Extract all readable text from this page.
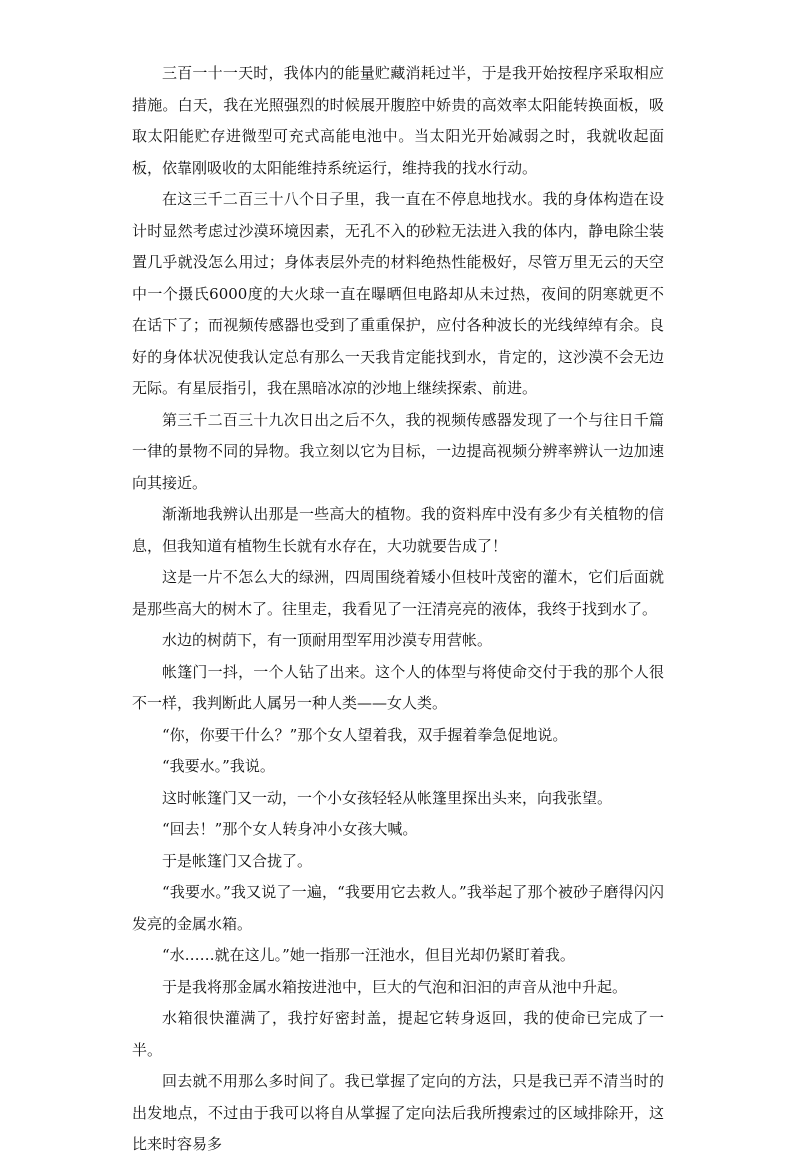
三百一十一天时，我体内的能量贮藏消耗过半，于是我开始按程序采取相应措施。白天，我在光照强烈的时候展开腹腔中娇贵的高效率太阳能转换面板，吸取太阳能贮存进微型可充式高能电池中。当太阳光开始减弱之时，我就收起面板，依靠刚吸收的太阳能维持系统运行，维持我的找水行动。

在这三千二百三十八个日子里，我一直在不停息地找水。我的身体构造在设计时显然考虑过沙漠环境因素，无孔不入的砂粒无法进入我的体内，静电除尘装置几乎就没怎么用过；身体表层外壳的材料绝热性能极好，尽管万里无云的天空中一个摄氏6000度的大火球一直在曝晒但电路却从未过热，夜间的阴寒就更不在话下了；而视频传感器也受到了重重保护，应付各种波长的光线绰绰有余。良好的身体状况使我认定总有那么一天我肯定能找到水，肯定的，这沙漠不会无边无际。有星辰指引，我在黑暗冰凉的沙地上继续探索、前进。

第三千二百三十九次日出之后不久，我的视频传感器发现了一个与往日千篇一律的景物不同的异物。我立刻以它为目标，一边提高视频分辨率辨认一边加速向其接近。

渐渐地我辨认出那是一些高大的植物。我的资料库中没有多少有关植物的信息，但我知道有植物生长就有水存在，大功就要告成了！

这是一片不怎么大的绿洲，四周围绕着矮小但枝叶茂密的灌木，它们后面就是那些高大的树木了。往里走，我看见了一汪清亮亮的液体，我终于找到水了。

水边的树荫下，有一顶耐用型军用沙漠专用营帐。

帐篷门一抖，一个人钻了出来。这个人的体型与将使命交付于我的那个人很不一样，我判断此人属另一种人类——女人类。

“你，你要干什么？”那个女人望着我，双手握着拳急促地说。

“我要水。”我说。

这时帐篷门又一动，一个小女孩轻轻从帐篷里探出头来，向我张望。

“回去！”那个女人转身冲小女孩大喊。

于是帐篷门又合拢了。

“我要水。”我又说了一遍，“我要用它去救人。”我举起了那个被砂子磨得闪闪发亮的金属水箱。

“水……就在这儿。”她一指那一汪池水，但目光却仍紧盯着我。

于是我将那金属水箱按进池中，巨大的气泡和汩汩的声音从池中升起。

水箱很快灌满了，我拧好密封盖，提起它转身返回，我的使命已完成了一半。

回去就不用那么多时间了。我已掌握了定向的方法，只是我已弄不清当时的出发地点，不过由于我可以将自从掌握了定向法后我所搜索过的区域排除开，这比来时容易多
